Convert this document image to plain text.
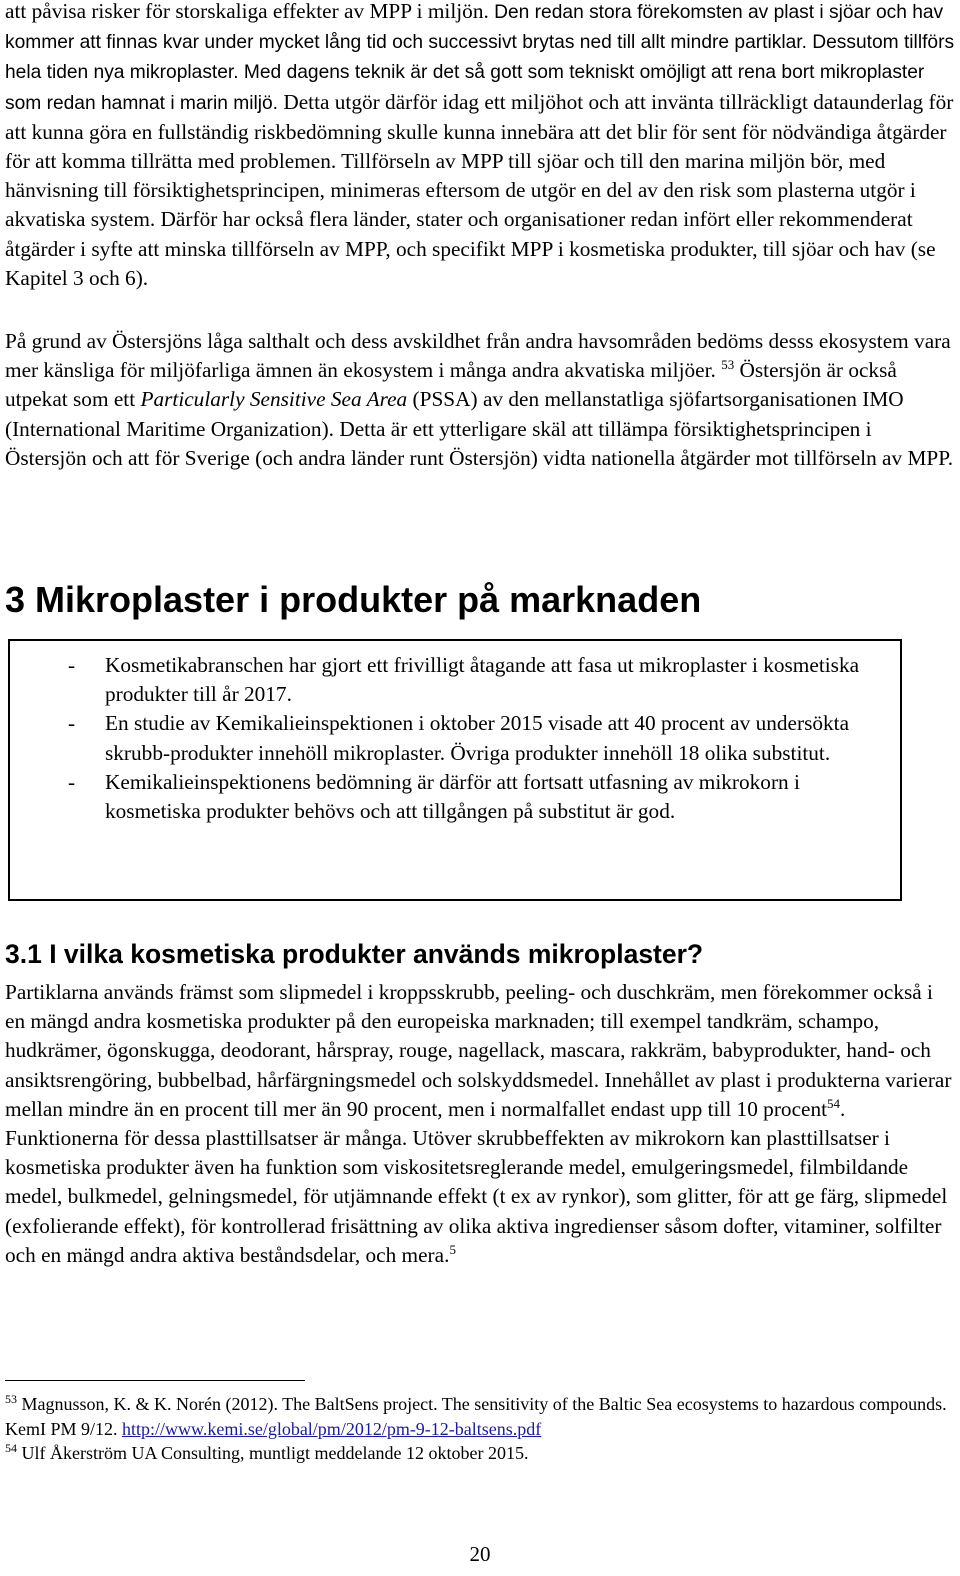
att påvisa risker för storskaliga effekter av MPP i miljön. Den redan stora förekomsten av plast i sjöar och hav kommer att finnas kvar under mycket lång tid och successivt brytas ned till allt mindre partiklar. Dessutom tillförs hela tiden nya mikroplaster. Med dagens teknik är det så gott som tekniskt omöjligt att rena bort mikroplaster som redan hamnat i marin miljö. Detta utgör därför idag ett miljöhot och att invänta tillräckligt dataunderlag för att kunna göra en fullständig riskbedömning skulle kunna innebära att det blir för sent för nödvändiga åtgärder för att komma tillrätta med problemen. Tillförseln av MPP till sjöar och till den marina miljön bör, med hänvisning till försiktighetsprincipen, minimeras eftersom de utgör en del av den risk som plasterna utgör i akvatiska system. Därför har också flera länder, stater och organisationer redan infört eller rekommenderat åtgärder i syfte att minska tillförseln av MPP, och specifikt MPP i kosmetiska produkter, till sjöar och hav (se Kapitel 3 och 6).

På grund av Östersjöns låga salthalt och dess avskildhet från andra havsområden bedöms desss ekosystem vara mer känsliga för miljöfarliga ämnen än ekosystem i många andra akvatiska miljöer. $^{53}$ Östersjön är också utpekat som ett Particularly Sensitive Sea Area (PSSA) av den mellanstatliga sjöfartsorganisationen IMO (International Maritime Organization). Detta är ett ytterligare skäl att tillämpa försiktighetsprincipen i Östersjön och att för Sverige (och andra länder runt Östersjön) vidta nationella åtgärder mot tillförseln av MPP.

3 Mikroplaster i produkter på marknaden
- Kosmetikabranschen har gjort ett frivilligt åtagande att fasa ut mikroplaster i kosmetiska produkter till år 2017.
- En studie av Kemikalieinspektionen i oktober 2015 visade att 40 procent av undersökta skrubb-produkter innehöll mikroplaster. Övriga produkter innehöll 18 olika substitut.
- Kemikalieinspektionens bedömning är därför att fortsatt utfasning av mikrokorn i kosmetiska produkter behövs och att tillgången på substitut är god.
3.1 I vilka kosmetiska produkter används mikroplaster?

Partiklarna används främst som slipmedel i kroppsskrubb, peeling- och duschkräm, men förekommer också i en mängd andra kosmetiska produkter på den europeiska marknaden; till exempel tandkräm, schampo, hudkrämer, ögonskugga, deodorant, hårspray, rouge, nagellack, mascara, rakkräm, babyprodukter, hand- och ansiktsrengöring, bubbelbad, hårfärgningsmedel och solskyddsmedel. Innehållet av plast i produkterna varierar mellan mindre än en procent till mer än 90 procent, men i normalfallet endast upp till 10 procent$^{54}$. Funktionerna för dessa plasttillsatser är många. Utöver skrubbeffekten av mikrokorn kan plasttillsatser i kosmetiska produkter även ha funktion som viskositetsreglerande medel, emulgeringsmedel, filmbildande medel, bulkmedel, gelningsmedel, för utjämnande effekt (t ex av rynkor), som glitter, för att ge färg, slipmedel (exfolierande effekt), för kontrollerad frisättning av olika aktiva ingredienser såsom dofter, vitaminer, solfilter och en mängd andra aktiva beståndsdelar, och mera.$^5$

$^{53}$ Magnusson, K. & K. Norén (2012). The BaltSens project. The sensitivity of the Baltic Sea ecosystems to hazardous compounds. KemI PM 9/12. http://www.kemi.se/global/pm/2012/pm-9-12-baltsens.pdf

$^{54}$ Ulf Åkerström UA Consulting, muntligt meddelande 12 oktober 2015.

20
